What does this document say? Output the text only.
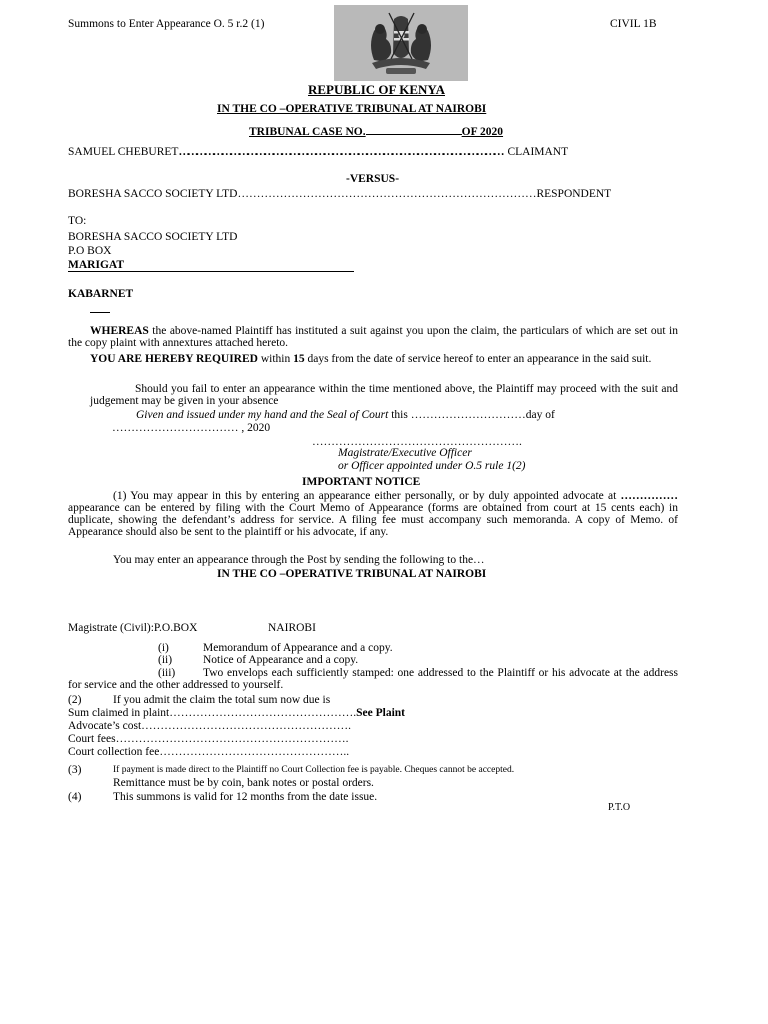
Summons to Enter Appearance O. 5 r.2 (1)	CIVIL 1B
REPUBLIC OF KENYA
IN THE CO –OPERATIVE TRIBUNAL AT NAIROBI
TRIBUNAL CASE NO.	OF 2020
SAMUEL CHEBURET…………………………………………………………………………………………………… CLAIMANT
-VERSUS-
BORESHA SACCO SOCIETY LTD……………………………………………………………………RESPONDENT
TO:
BORESHA SACCO SOCIETY LTD
P.O BOX
MARIGAT
KABARNET
WHEREAS the above-named Plaintiff has instituted a suit against you upon the claim, the particulars of which are set out in the copy plaint with annextures attached hereto.
YOU ARE HEREBY REQUIRED within 15 days from the date of service hereof to enter an appearance in the said suit.
Should you fail to enter an appearance within the time mentioned above, the Plaintiff may proceed with the suit and judgement may be given in your absence
Given and issued under my hand and the Seal of Court this …………………………day of
…………………………… , 2020
……………………………………………….
Magistrate/Executive Officer
or Officer appointed under O.5 rule 1(2)
IMPORTANT NOTICE
(1) You may appear in this by entering an appearance either personally, or by duly appointed advocate at …………… appearance can be entered by filing with the Court Memo of Appearance (forms are obtained from court at 15 cents each) in duplicate, showing the defendant’s address for service. A filing fee must accompany such memoranda. A copy of Memo. of Appearance should also be sent to the plaintiff or his advocate, if any.
You may enter an appearance through the Post by sending the following to the…
IN THE CO –OPERATIVE TRIBUNAL AT NAIROBI
Magistrate (Civil):P.O.BOX	NAIROBI
(i)	Memorandum of Appearance and a copy.
(ii)	Notice of Appearance and a copy.
(iii)	Two envelops each sufficiently stamped: one addressed to the Plaintiff or his advocate at the address for service and the other addressed to yourself.
(2)	If you admit the claim the total sum now due is
Sum claimed in plaint………………………………………….See Plaint
Advocate’s cost……………………………………………….
Court fees…………………………………………………….
Court collection fee…………………………………………..
(3)	If payment is made direct to the Plaintiff no Court Collection fee is payable. Cheques cannot be accepted.
Remittance must be by coin, bank notes or postal orders.
(4)	This summons is valid for 12 months from the date issue.
P.T.O
